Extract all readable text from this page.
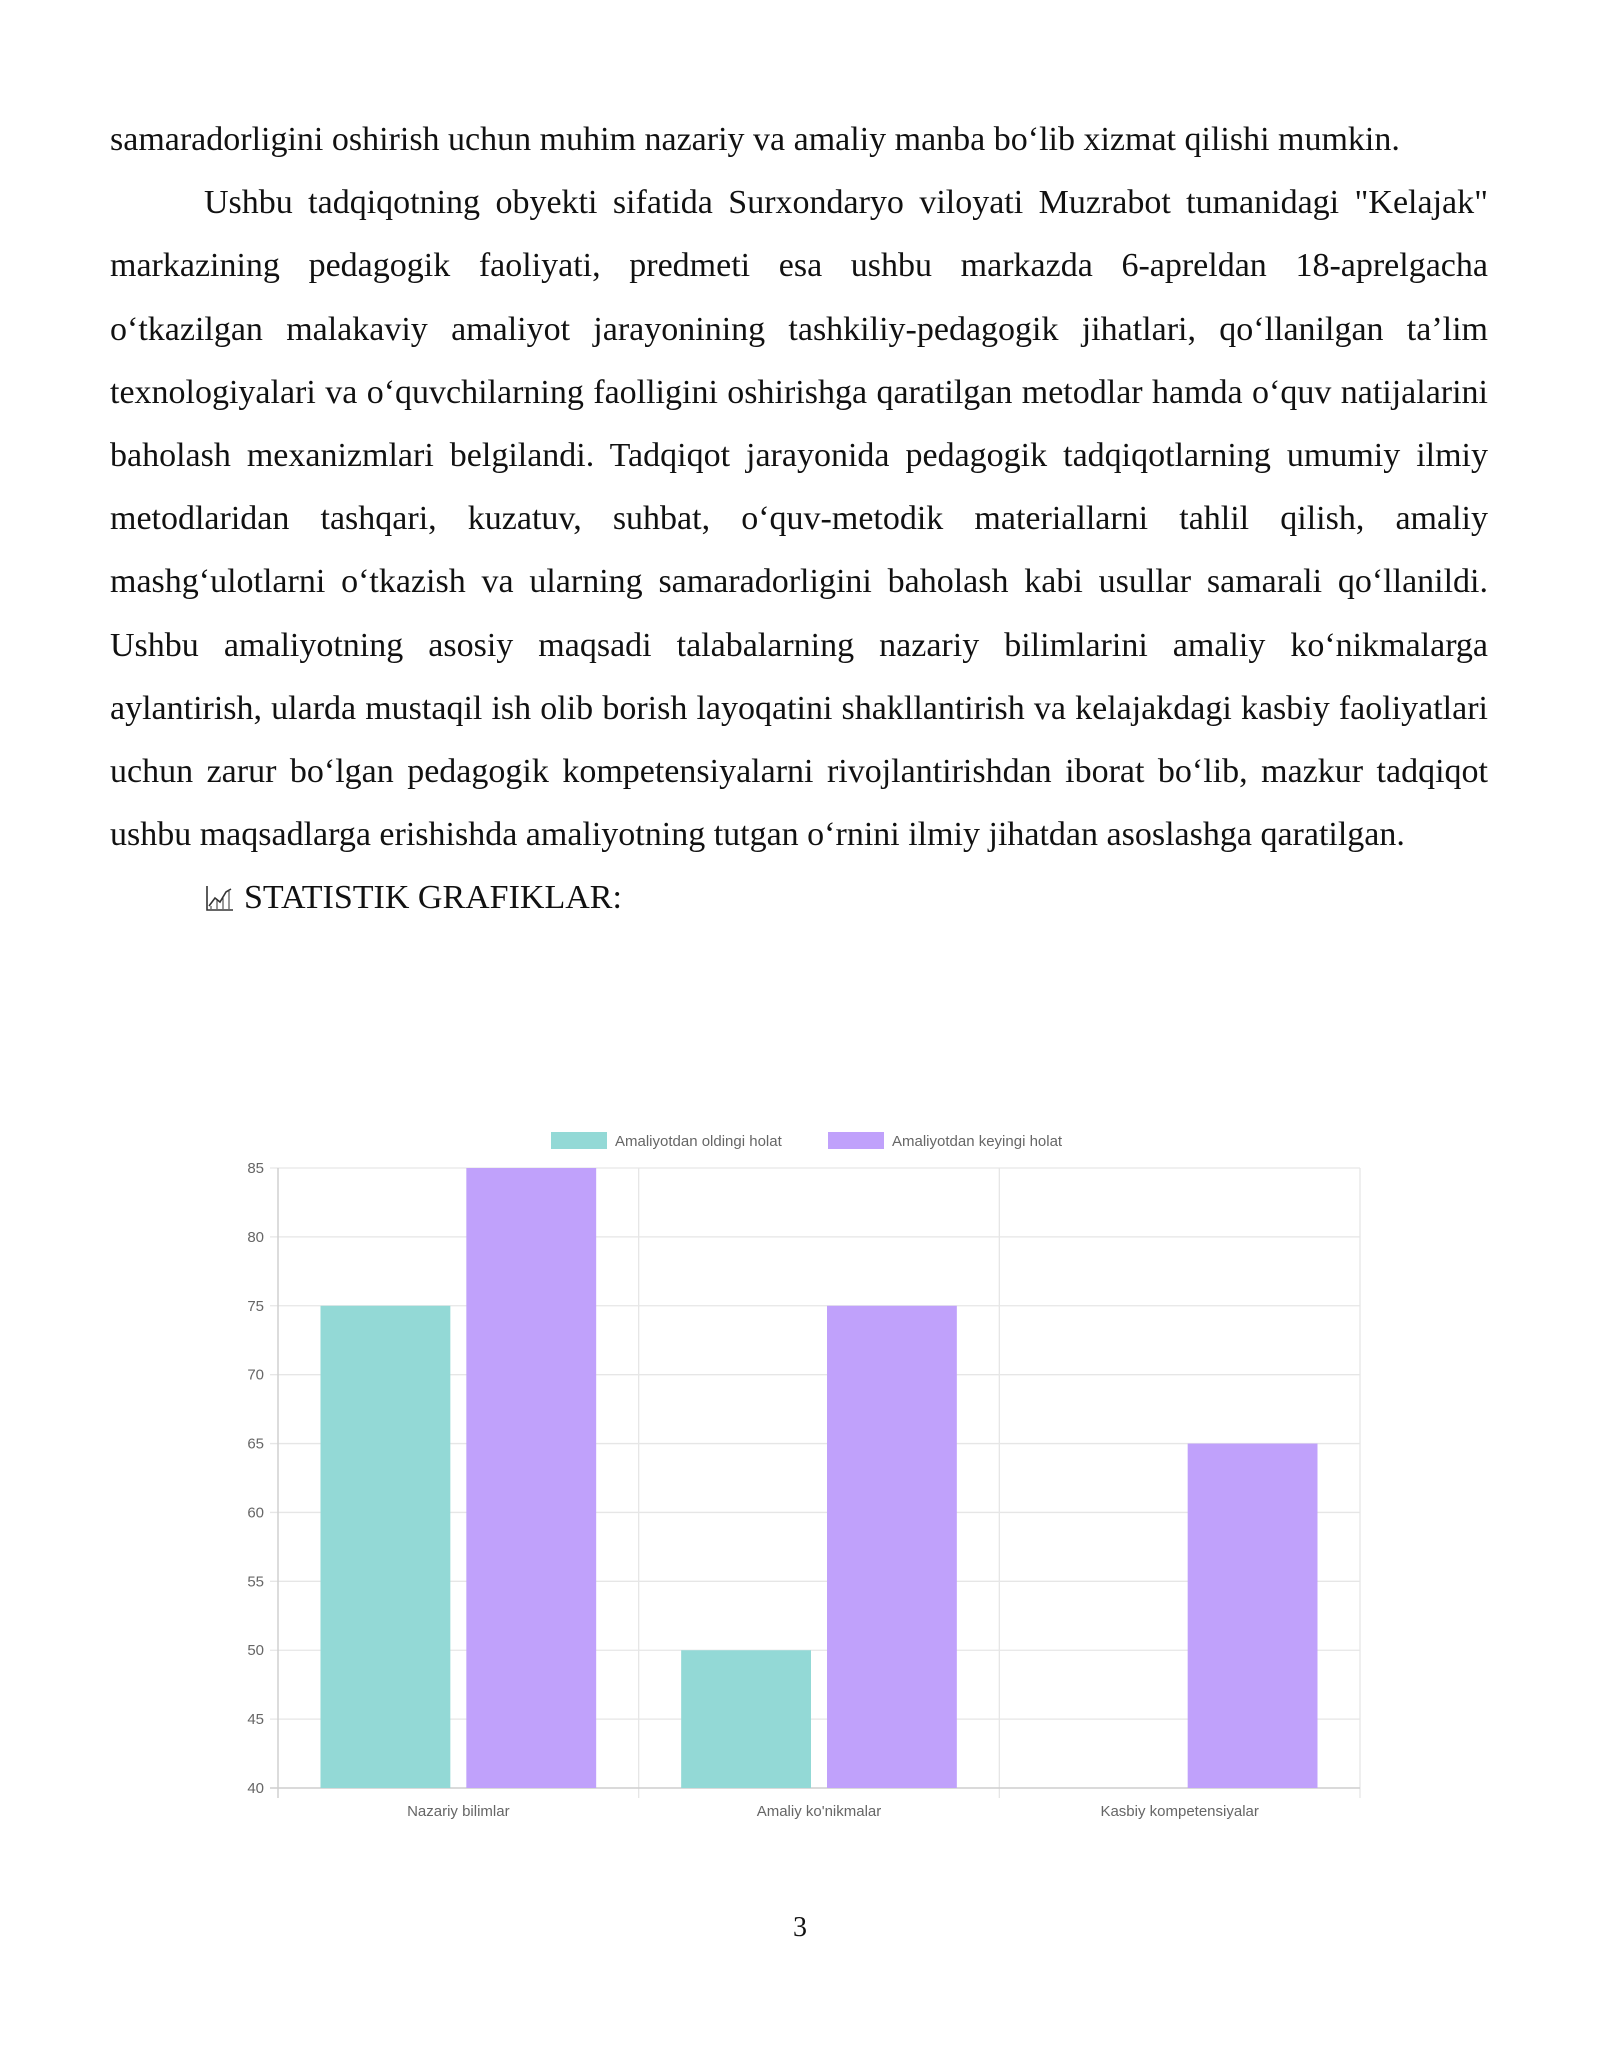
samaradorligini oshirish uchun muhim nazariy va amaliy manba bo‘lib xizmat qilishi mumkin.

Ushbu tadqiqotning obyekti sifatida Surxondaryo viloyati Muzrabot tumanidagi "Kelajak" markazining pedagogik faoliyati, predmeti esa ushbu markazda 6-apreldan 18-aprelgacha o‘tkazilgan malakaviy amaliyot jarayonining tashkiliy-pedagogik jihatlari, qo‘llanilgan ta’lim texnologiyalari va o‘quvchilarning faolligini oshirishga qaratilgan metodlar hamda o‘quv natijalarini baholash mexanizmlari belgilandi. Tadqiqot jarayonida pedagogik tadqiqotlarning umumiy ilmiy metodlaridan tashqari, kuzatuv, suhbat, o‘quv-metodik materiallarni tahlil qilish, amaliy mashg‘ulotlarni o‘tkazish va ularning samaradorligini baholash kabi usullar samarali qo‘llanildi. Ushbu amaliyotning asosiy maqsadi talabalarning nazariy bilimlarini amaliy ko‘nikmalarga aylantirish, ularda mustaqil ish olib borish layoqatini shakllantirish va kelajakdagi kasbiy faoliyatlari uchun zarur bo‘lgan pedagogik kompetensiyalarni rivojlantirishdan iborat bo‘lib, mazkur tadqiqot ushbu maqsadlarga erishishda amaliyotning tutgan o‘rnini ilmiy jihatdan asoslashga qaratilgan.

STATISTIK GRAFIKLAR:

40
45
50
55
60
65
70
75
80
85
Nazariy bilimlar	Amaliy ko'nikmalar	Kasbiy kompetensiyalar
Amaliyotdan oldingi holat	Amaliyotdan keyingi holat
3
